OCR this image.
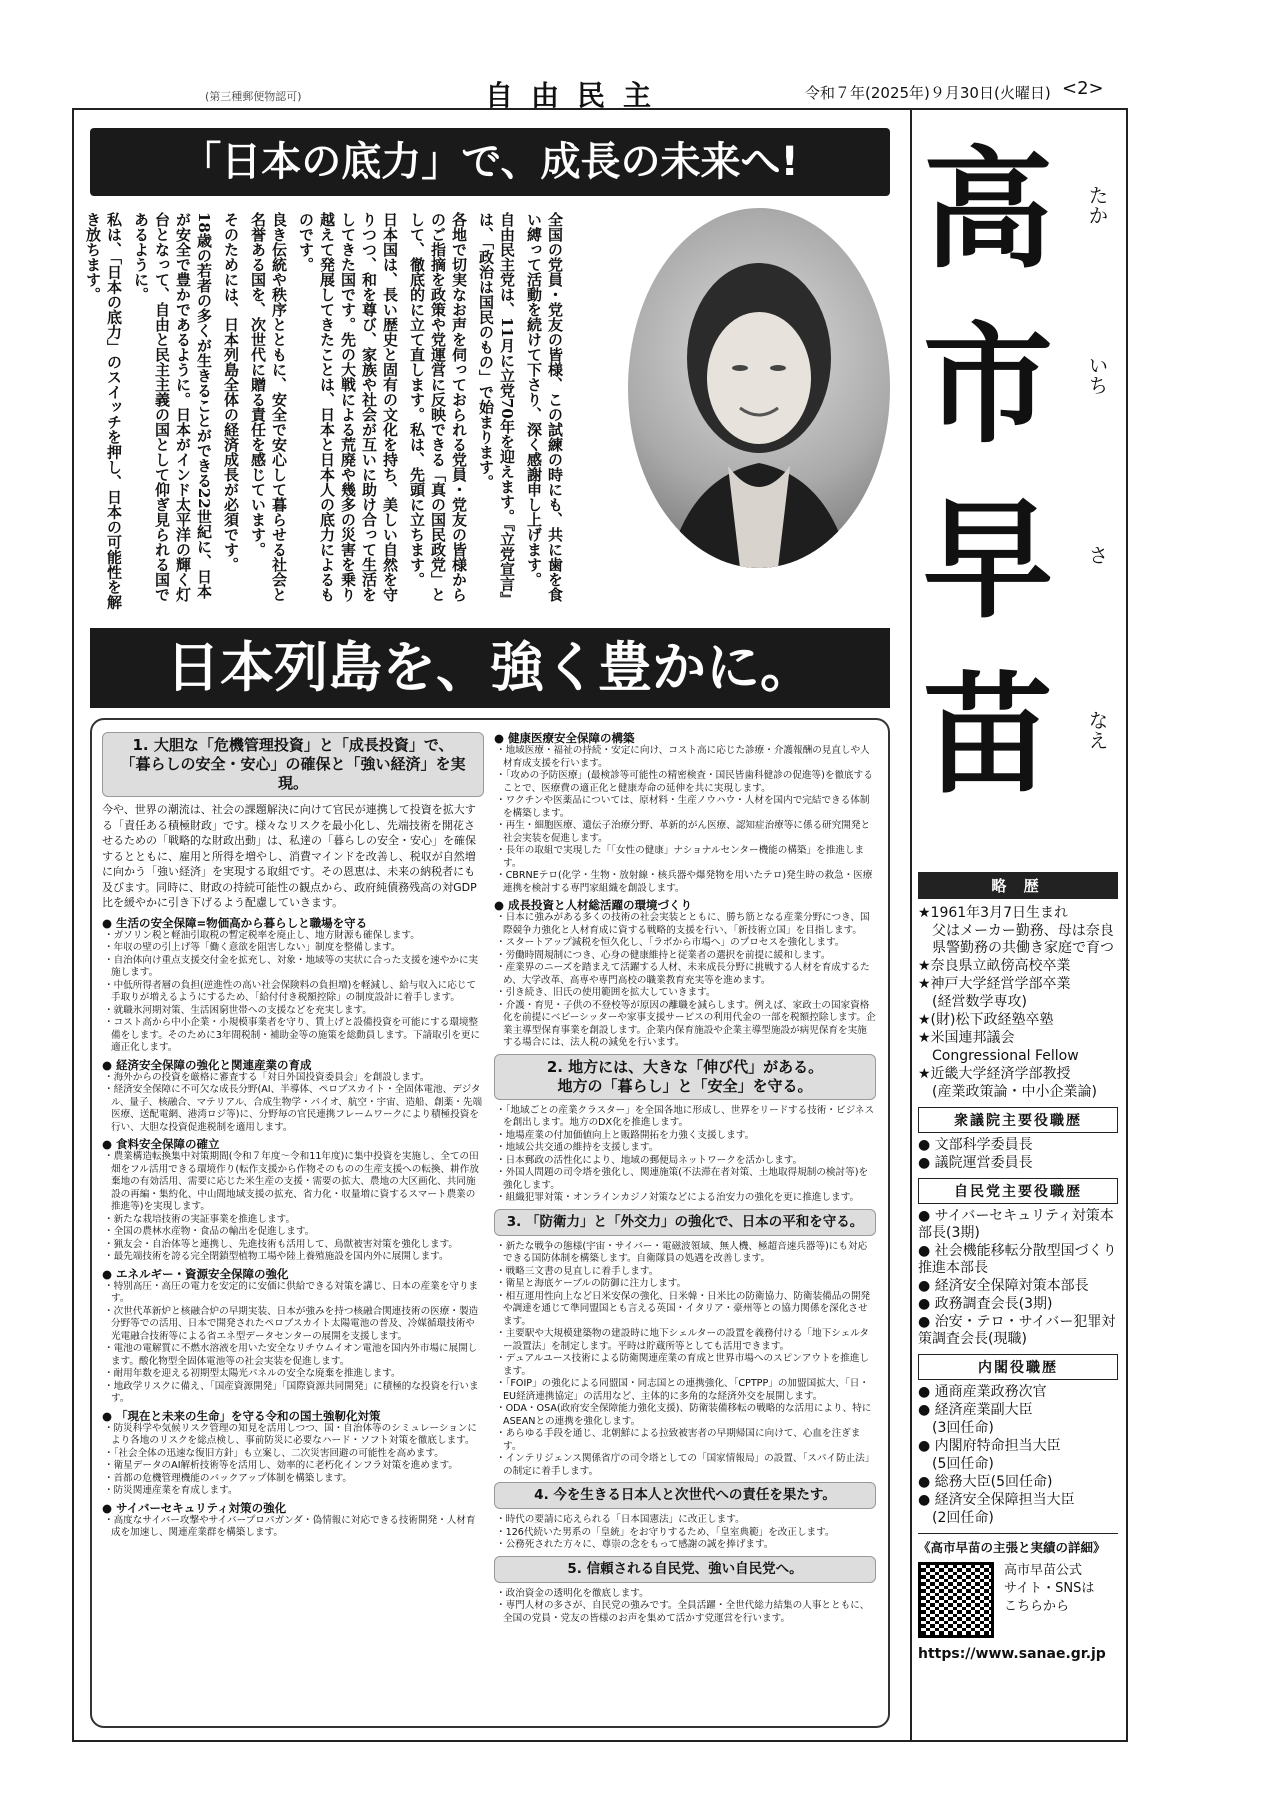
(第三種郵便物認可)	自由民主	令和７年(2025年)９月30日(火曜日) <2>
「日本の底力」で、成長の未来へ!

全国の党員・党友の皆様、この試練の時にも、共に歯を食い縛って活動を続けて下さり、深く感謝申し上げます。

自由民主党は、11月に立党70年を迎えます。『立党宣言』は、「政治は国民のもの」で始まります。

各地で切実なお声を伺っておられる党員・党友の皆様からのご指摘を政策や党運営に反映できる「真の国民政党」として、徹底的に立て直します。私は、先頭に立ちます。

日本国は、長い歴史と固有の文化を持ち、美しい自然を守りつつ、和を尊び、家族や社会が互いに助け合って生活をしてきた国です。先の大戦による荒廃や幾多の災害を乗り越えて発展してきたことは、日本と日本人の底力によるものです。

良き伝統や秩序とともに、安全で安心して暮らせる社会と名誉ある国を、次世代に贈る責任を感じています。

そのためには、日本列島全体の経済成長が必須です。

18歳の若者の多くが生きることができる22世紀に、日本が安全で豊かであるように。日本がインド太平洋の輝く灯台となって、自由と民主主義の国として仰ぎ見られる国であるように。

私は、「日本の底力」のスイッチを押し、日本の可能性を解き放ちます。

日本列島を、強く豊かに。
高 たか
市 いち
早 さ
苗 なえ
略 歴
★1961年3月7日生まれ
父はメーカー勤務、母は奈良県警勤務の共働き家庭で育つ
★奈良県立畝傍高校卒業
★神戸大学経営学部卒業
(経営数学専攻)
★(財)松下政経塾卒塾
★米国連邦議会
Congressional Fellow
★近畿大学経済学部教授
(産業政策論・中小企業論)
衆議院主要役職歴
● 文部科学委員長
● 議院運営委員長
自民党主要役職歴
● サイバーセキュリティ対策本部長(3期)
● 社会機能移転分散型国づくり推進本部長
● 経済安全保障対策本部長
● 政務調査会長(3期)
● 治安・テロ・サイバー犯罪対策調査会長(現職)
内閣役職歴
● 通商産業政務次官
● 経済産業副大臣
(3回任命)
● 内閣府特命担当大臣
(5回任命)
● 総務大臣(5回任命)
● 経済安全保障担当大臣
(2回任命)
《高市早苗の主張と実績の詳細》
高市早苗公式
サイト・SNSは
こちらから
https://www.sanae.gr.jp
1. 大胆な「危機管理投資」と「成長投資」で、
「暮らしの安全・安心」の確保と「強い経済」を実現。
今や、世界の潮流は、社会の課題解決に向けて官民が連携して投資を拡大する「責任ある積極財政」です。様々なリスクを最小化し、先端技術を開花させるための「戦略的な財政出動」は、私達の「暮らしの安全・安心」を確保するとともに、雇用と所得を増やし、消費マインドを改善し、税収が自然増に向かう「強い経済」を実現する取組です。その恩恵は、未来の納税者にも及びます。同時に、財政の持続可能性の観点から、政府純債務残高の対GDP比を緩やかに引き下げるよう配慮していきます。
● 生活の安全保障=物価高から暮らしと職場を守る
・ガソリン税と軽油引取税の暫定税率を廃止し、地方財源も確保します。
・年収の壁の引上げ等「働く意欲を阻害しない」制度を整備します。
・自治体向け重点支援交付金を拡充し、対象・地域等の実状に合った支援を速やかに実施します。
・中低所得者層の負担(逆進性の高い社会保険料の負担増)を軽減し、給与収入に応じて手取りが増えるようにするため、「給付付き税額控除」の制度設計に着手します。
・就職氷河期対策、生活困窮世帯への支援などを充実します。
・コスト高から中小企業・小規模事業者を守り、賃上げと設備投資を可能にする環境整備をします。そのために3年間税制・補助金等の施策を総動員します。下請取引を更に適正化します。
● 経済安全保障の強化と関連産業の育成
・海外からの投資を厳格に審査する「対日外国投資委員会」を創設します。
・経済安全保障に不可欠な成長分野(AI、半導体、ペロブスカイト・全固体電池、デジタル、量子、核融合、マテリアル、合成生物学・バイオ、航空・宇宙、造船、創薬・先端医療、送配電網、港湾ロジ等)に、分野毎の官民連携フレームワークにより積極投資を行い、大胆な投資促進税制を適用します。
● 食料安全保障の確立
・農業構造転換集中対策期間(令和７年度〜令和11年度)に集中投資を実施し、全ての田畑をフル活用できる環境作り(転作支援から作物そのものの生産支援への転換、耕作放棄地の有効活用、需要に応じた米生産の支援・需要の拡大、農地の大区画化、共同施設の再編・集約化、中山間地域支援の拡充、省力化・収量増に資するスマート農業の推進等)を実現します。
・新たな栽培技術の実証事業を推進します。
・全国の農林水産物・食品の輸出を促進します。
・猟友会・自治体等と連携し、先進技術も活用して、鳥獣被害対策を強化します。
・最先端技術を誇る完全閉鎖型植物工場や陸上養殖施設を国内外に展開します。
● エネルギー・資源安全保障の強化
・特別高圧・高圧の電力を安定的に安価に供給できる対策を講じ、日本の産業を守ります。
・次世代革新炉と核融合炉の早期実装、日本が強みを持つ核融合関連技術の医療・製造分野等での活用、日本で開発されたペロブスカイト太陽電池の普及、冷媒循環技術や光電融合技術等による省エネ型データセンターの展開を支援します。
・電池の電解質に不燃水溶液を用いた安全なリチウムイオン電池を国内外市場に展開します。酸化物型全固体電池等の社会実装を促進します。
・耐用年数を迎える初期型太陽光パネルの安全な廃棄を推進します。
・地政学リスクに備え、「国産資源開発」「国際資源共同開発」に積極的な投資を行います。
● 「現在と未来の生命」を守る令和の国土強靭化対策
・防災科学や気候リスク管理の知見を活用しつつ、国・自治体等のシミュレーションにより各地のリスクを総点検し、事前防災に必要なハード・ソフト対策を徹底します。
・「社会全体の迅速な復旧方針」も立案し、二次災害回避の可能性を高めます。
・衛星データのAI解析技術等を活用し、効率的に老朽化インフラ対策を進めます。
・首都の危機管理機能のバックアップ体制を構築します。
・防災関連産業を育成します。
● サイバーセキュリティ対策の強化
・高度なサイバー攻撃やサイバープロパガンダ・偽情報に対応できる技術開発・人材育成を加速し、関連産業群を構築します。
● 健康医療安全保障の構築
・地域医療・福祉の持続・安定に向け、コスト高に応じた診療・介護報酬の見直しや人材育成支援を行います。
・「攻めの予防医療」(最検診等可能性の精密検査・国民皆歯科健診の促進等)を徹底することで、医療費の適正化と健康寿命の延伸を共に実現します。
・ワクチンや医薬品については、原材料・生産ノウハウ・人材を国内で完結できる体制を構築します。
・再生・細胞医療、遺伝子治療分野、革新的がん医療、認知症治療等に係る研究開発と社会実装を促進します。
・長年の取組で実現した「「女性の健康」ナショナルセンター機能の構築」を推進します。
・CBRNEテロ(化学・生物・放射線・核兵器や爆発物を用いたテロ)発生時の救急・医療連携を検討する専門家組織を創設します。
● 成長投資と人材総活躍の環境づくり
・日本に強みがある多くの技術の社会実装とともに、勝ち筋となる産業分野につき、国際競争力強化と人材育成に資する戦略的支援を行い、「新技術立国」を目指します。
・スタートアップ減税を恒久化し、「ラボから市場へ」のプロセスを強化します。
・労働時間規制につき、心身の健康維持と従業者の選択を前提に緩和します。
・産業界のニーズを踏まえて活躍する人材、未来成長分野に挑戦する人材を育成するため、大学改革、高専や専門高校の職業教育充実等を進めます。
・引き続き、旧氏の使用範囲を拡大していきます。
・介護・育児・子供の不登校等が原因の離職を減らします。例えば、家政士の国家資格化を前提にベビーシッターや家事支援サービスの利用代金の一部を税額控除します。企業主導型保育事業を創設します。企業内保育施設や企業主導型施設が病児保育を実施する場合には、法人税の減免を行います。
2. 地方には、大きな「伸び代」がある。
地方の「暮らし」と「安全」を守る。
・「地域ごとの産業クラスター」を全国各地に形成し、世界をリードする技術・ビジネスを創出します。地方のDX化を推進します。
・地場産業の付加価値向上と販路開拓を力強く支援します。
・地域公共交通の維持を支援します。
・日本郵政の活性化により、地域の郵便局ネットワークを活かします。
・外国人問題の司令塔を強化し、関連施策(不法滞在者対策、土地取得規制の検討等)を強化します。
・組織犯罪対策・オンラインカジノ対策などによる治安力の強化を更に推進します。
3. 「防衛力」と「外交力」の強化で、日本の平和を守る。
・新たな戦争の態様(宇宙・サイバー・電磁波領域、無人機、極超音速兵器等)にも対応できる国防体制を構築します。自衛隊員の処遇を改善します。
・戦略三文書の見直しに着手します。
・衛星と海底ケーブルの防御に注力します。
・相互運用性向上など日米安保の強化、日米韓・日米比の防衛協力、防衛装備品の開発や調達を通じて準同盟国とも言える英国・イタリア・豪州等との協力関係を深化させます。
・主要駅や大規模建築物の建設時に地下シェルターの設置を義務付ける「地下シェルター設置法」を制定します。平時は貯蔵所等としても活用できます。
・デュアルユース技術による防衛関連産業の育成と世界市場へのスピンアウトを推進します。
・「FOIP」の強化による同盟国・同志国との連携強化、「CPTPP」の加盟国拡大、「日・EU経済連携協定」の活用など、主体的に多角的な経済外交を展開します。
・ODA・OSA(政府安全保障能力強化支援)、防衛装備移転の戦略的な活用により、特にASEANとの連携を強化します。
・あらゆる手段を通じ、北朝鮮による拉致被害者の早期帰国に向けて、心血を注ぎます。
・インテリジェンス関係省庁の司令塔としての「国家情報局」の設置、「スパイ防止法」の制定に着手します。
4. 今を生きる日本人と次世代への責任を果たす。
・時代の要請に応えられる「日本国憲法」に改正します。
・126代続いた男系の「皇統」をお守りするため、「皇室典範」を改正します。
・公務死された方々に、尊崇の念をもって感謝の誠を捧げます。
5. 信頼される自民党、強い自民党へ。
・政治資金の透明化を徹底します。
・専門人材の多さが、自民党の強みです。全員活躍・全世代総力結集の人事とともに、全国の党員・党友の皆様のお声を集めて活かす党運営を行います。
